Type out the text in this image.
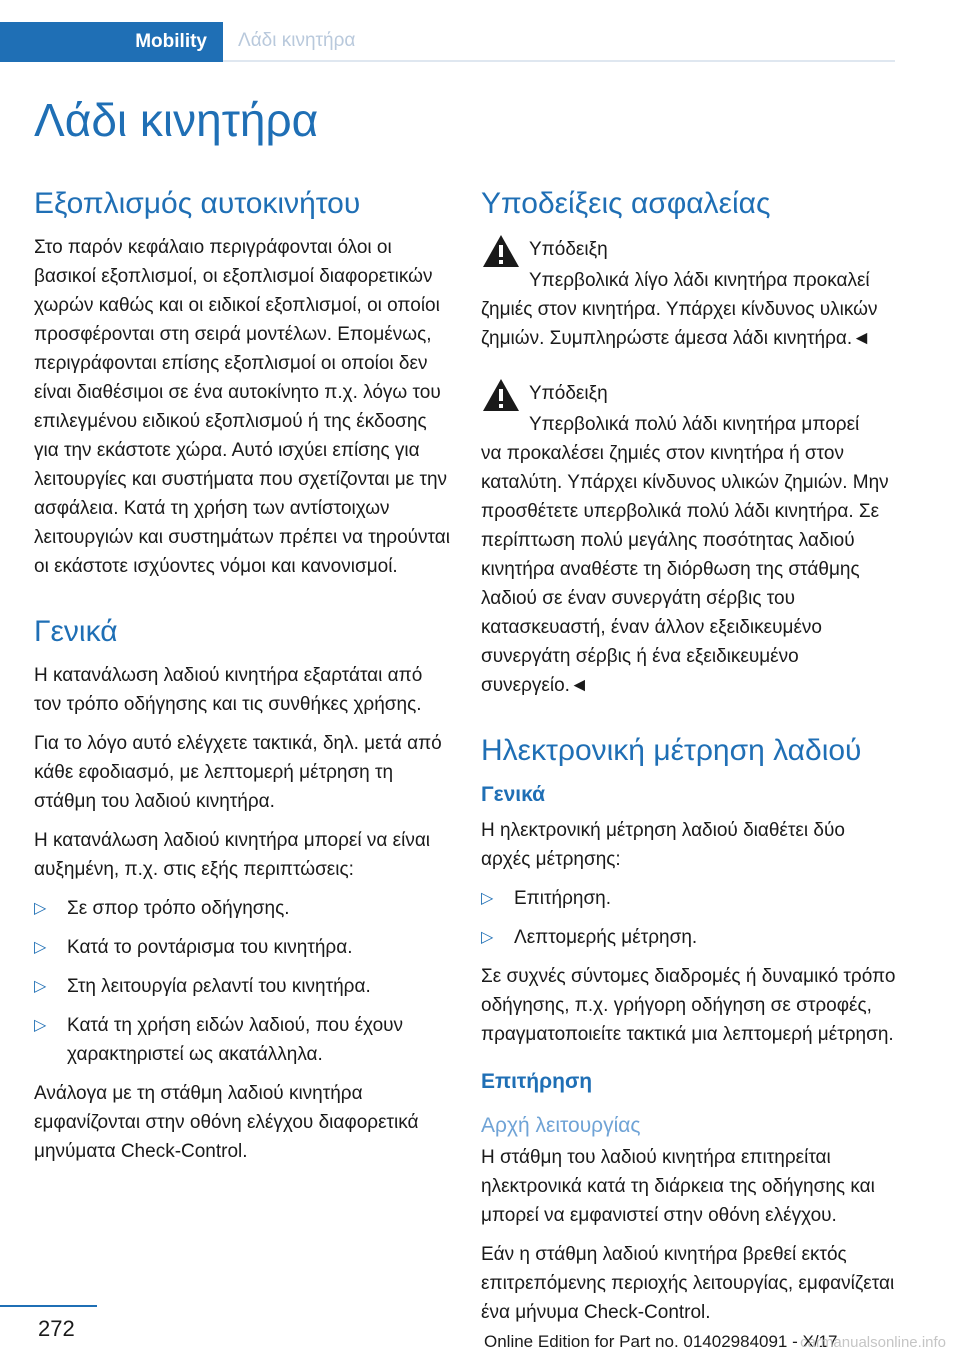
Mobility	Λάδι κινητήρα
Λάδι κινητήρα
Εξοπλισμός αυτοκινήτου

Στο παρόν κεφάλαιο περιγράφονται όλοι οι βασικοί εξοπλισμοί, οι εξοπλισμοί διαφορετικών χωρών καθώς και οι ειδικοί εξοπλισμοί, οι οποίοι προσφέρονται στη σειρά μοντέλων. Επομένως, περιγράφονται επίσης εξοπλισμοί οι οποίοι δεν είναι διαθέσιμοι σε ένα αυτοκίνητο π.χ. λόγω του επιλεγμένου ειδικού εξοπλισμού ή της έκδοσης για την εκάστοτε χώρα. Αυτό ισχύει επίσης για λειτουργίες και συστήματα που σχετίζονται με την ασφάλεια. Κατά τη χρήση των αντίστοιχων λειτουργιών και συστημάτων πρέπει να τηρούνται οι εκάστοτε ισχύοντες νόμοι και κανονισμοί.

Γενικά

Η κατανάλωση λαδιού κινητήρα εξαρτάται από τον τρόπο οδήγησης και τις συνθήκες χρήσης.

Για το λόγο αυτό ελέγχετε τακτικά, δηλ. μετά από κάθε εφοδιασμό, με λεπτομερή μέτρηση τη στάθμη του λαδιού κινητήρα.

Η κατανάλωση λαδιού κινητήρα μπορεί να είναι αυξημένη, π.χ. στις εξής περιπτώσεις:

▷ Σε σπορ τρόπο οδήγησης.
▷ Κατά το ροντάρισμα του κινητήρα.
▷ Στη λειτουργία ρελαντί του κινητήρα.
▷ Κατά τη χρήση ειδών λαδιού, που έχουν χαρακτηριστεί ως ακατάλληλα.

Ανάλογα με τη στάθμη λαδιού κινητήρα εμφανίζονται στην οθόνη ελέγχου διαφορετικά μηνύματα Check-Control.

Υποδείξεις ασφαλείας
Υπόδειξη
Υπερβολικά λίγο λάδι κινητήρα προκαλεί

ζημιές στον κινητήρα. Υπάρχει κίνδυνος υλικών ζημιών. Συμπληρώστε άμεσα λάδι κινητήρα.◄

Υπόδειξη
Υπερβολικά πολύ λάδι κινητήρα μπορεί

να προκαλέσει ζημιές στον κινητήρα ή στον καταλύτη. Υπάρχει κίνδυνος υλικών ζημιών. Μην προσθέτετε υπερβολικά πολύ λάδι κινητήρα. Σε περίπτωση πολύ μεγάλης ποσότητας λαδιού κινητήρα αναθέστε τη διόρθωση της στάθμης λαδιού σε έναν συνεργάτη σέρβις του κατασκευαστή, έναν άλλον εξειδικευμένο συνεργάτη σέρβις ή ένα εξειδικευμένο συνεργείο.◄

Ηλεκτρονική μέτρηση λαδιού
Γενικά

Η ηλεκτρονική μέτρηση λαδιού διαθέτει δύο αρχές μέτρησης:

▷ Επιτήρηση.
▷ Λεπτομερής μέτρηση.

Σε συχνές σύντομες διαδρομές ή δυναμικό τρόπο οδήγησης, π.χ. γρήγορη οδήγηση σε στροφές, πραγματοποιείτε τακτικά μια λεπτομερή μέτρηση.

Επιτήρηση
Αρχή λειτουργίας

Η στάθμη του λαδιού κινητήρα επιτηρείται ηλεκτρονικά κατά τη διάρκεια της οδήγησης και μπορεί να εμφανιστεί στην οθόνη ελέγχου.

Εάν η στάθμη λαδιού κινητήρα βρεθεί εκτός επιτρεπόμενης περιοχής λειτουργίας, εμφανίζεται ένα μήνυμα Check-Control.

272
Online Edition for Part no. 01402984091 - X/17
carmanualsonline.info
